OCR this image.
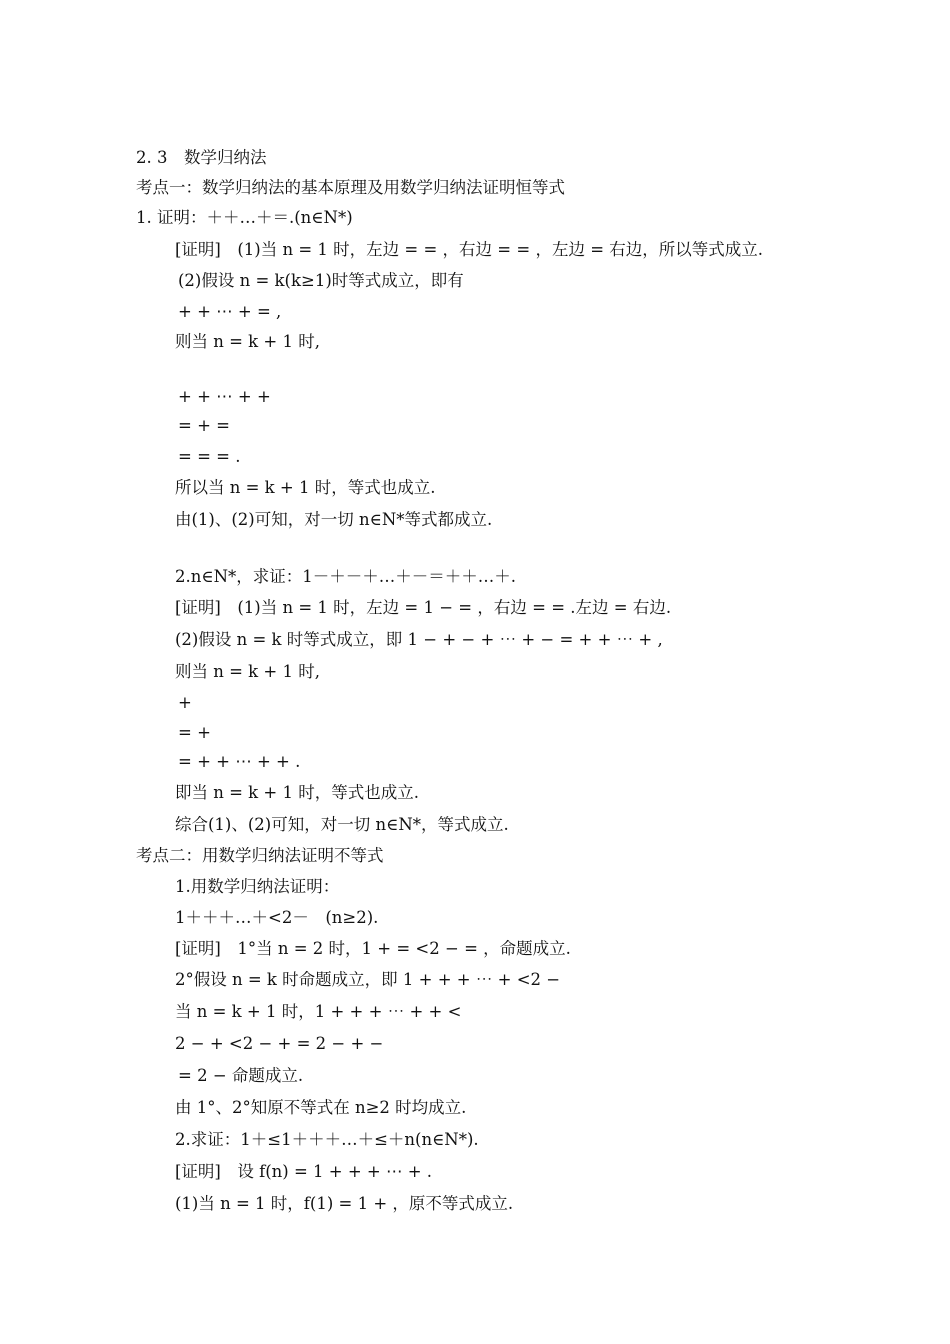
2. 3　数学归纳法
考点一：数学归纳法的基本原理及用数学归纳法证明恒等式
1. 证明：＋＋…＋＝.(n∈N*)
[证明]　(1)当 n = 1 时，左边 = = ，右边 = = ，左边 = 右边，所以等式成立.
(2)假设 n = k(k≥1)时等式成立，即有
+ + ⋯ + = ,
则当 n = k + 1 时,
+ + ⋯ + +
= + =
= = = .
所以当 n = k + 1 时，等式也成立.
由(1)、(2)可知，对一切 n∈N*等式都成立.
2.n∈N*，求证：1－＋－＋…＋－＝＋＋…＋.
[证明]　(1)当 n = 1 时，左边 = 1 − = ，右边 = = .左边 = 右边.
(2)假设 n = k 时等式成立，即 1 − + − + ⋯ + − = + + ⋯ + ,
则当 n = k + 1 时,
+
= +
= + + ⋯ + + .
即当 n = k + 1 时，等式也成立.
综合(1)、(2)可知，对一切 n∈N*，等式成立.
考点二：用数学归纳法证明不等式
1.用数学归纳法证明：
1＋＋＋…＋<2－　(n≥2).
[证明]　1°当 n = 2 时，1 + = <2 − = ，命题成立.
2°假设 n = k 时命题成立，即 1 + + + ⋯ + <2 −
当 n = k + 1 时，1 + + + ⋯ + + <
2 − + <2 − + = 2 − + −
= 2 − 命题成立.
由 1°、2°知原不等式在 n≥2 时均成立.
2.求证：1＋≤1＋＋＋…＋≤＋n(n∈N*).
[证明]　设 f(n) = 1 + + + ⋯ + .
(1)当 n = 1 时，f(1) = 1 + ，原不等式成立.
